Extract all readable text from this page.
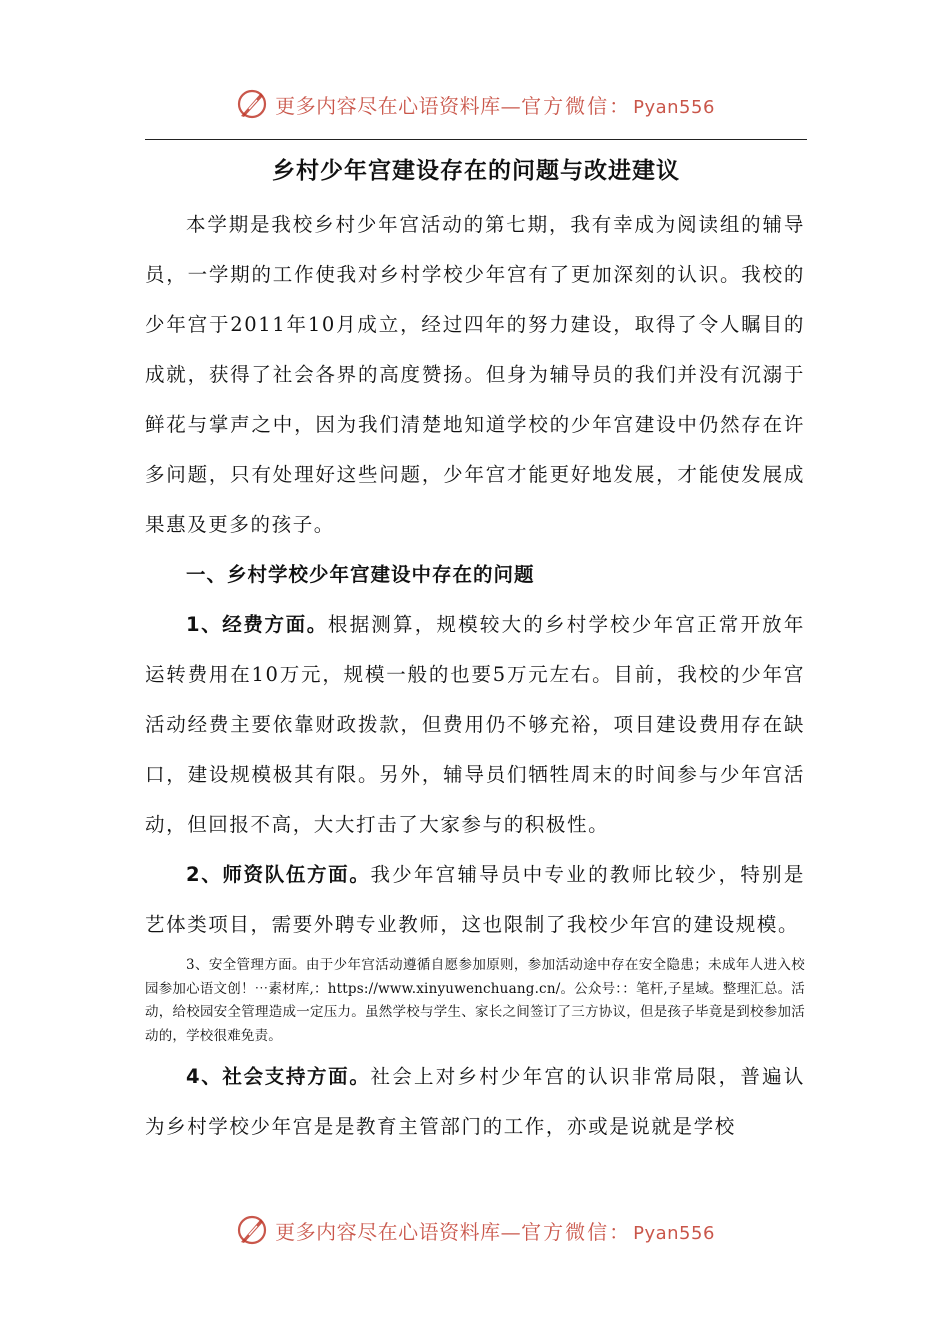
更多内容尽在心语资料库—官方微信： Pyan556
乡村少年宫建设存在的问题与改进建议

本学期是我校乡村少年宫活动的第七期，我有幸成为阅读组的辅导员，一学期的工作使我对乡村学校少年宫有了更加深刻的认识。我校的少年宫于2011年10月成立，经过四年的努力建设，取得了令人瞩目的成就，获得了社会各界的高度赞扬。但身为辅导员的我们并没有沉溺于鲜花与掌声之中，因为我们清楚地知道学校的少年宫建设中仍然存在许多问题，只有处理好这些问题，少年宫才能更好地发展，才能使发展成果惠及更多的孩子。

一、乡村学校少年宫建设中存在的问题

1、经费方面。根据测算，规模较大的乡村学校少年宫正常开放年运转费用在10万元，规模一般的也要5万元左右。目前，我校的少年宫活动经费主要依靠财政拨款，但费用仍不够充裕，项目建设费用存在缺口，建设规模极其有限。另外，辅导员们牺牲周末的时间参与少年宫活动，但回报不高，大大打击了大家参与的积极性。

2、师资队伍方面。我少年宫辅导员中专业的教师比较少，特别是艺体类项目，需要外聘专业教师，这也限制了我校少年宫的建设规模。

3、安全管理方面。由于少年宫活动遵循自愿参加原则，参加活动途中存在安全隐患；未成年人进入校园参加心语文创！⋯素材库,：https://www.xinyuwenchuang.cn/。公众号：：笔杆,子星域。整理汇总。活动，给校园安全管理造成一定压力。虽然学校与学生、家长之间签订了三方协议，但是孩子毕竟是到校参加活动的，学校很难免责。

4、社会支持方面。社会上对乡村少年宫的认识非常局限，普遍认为乡村学校少年宫是是教育主管部门的工作，亦或是说就是学校

更多内容尽在心语资料库—官方微信： Pyan556
